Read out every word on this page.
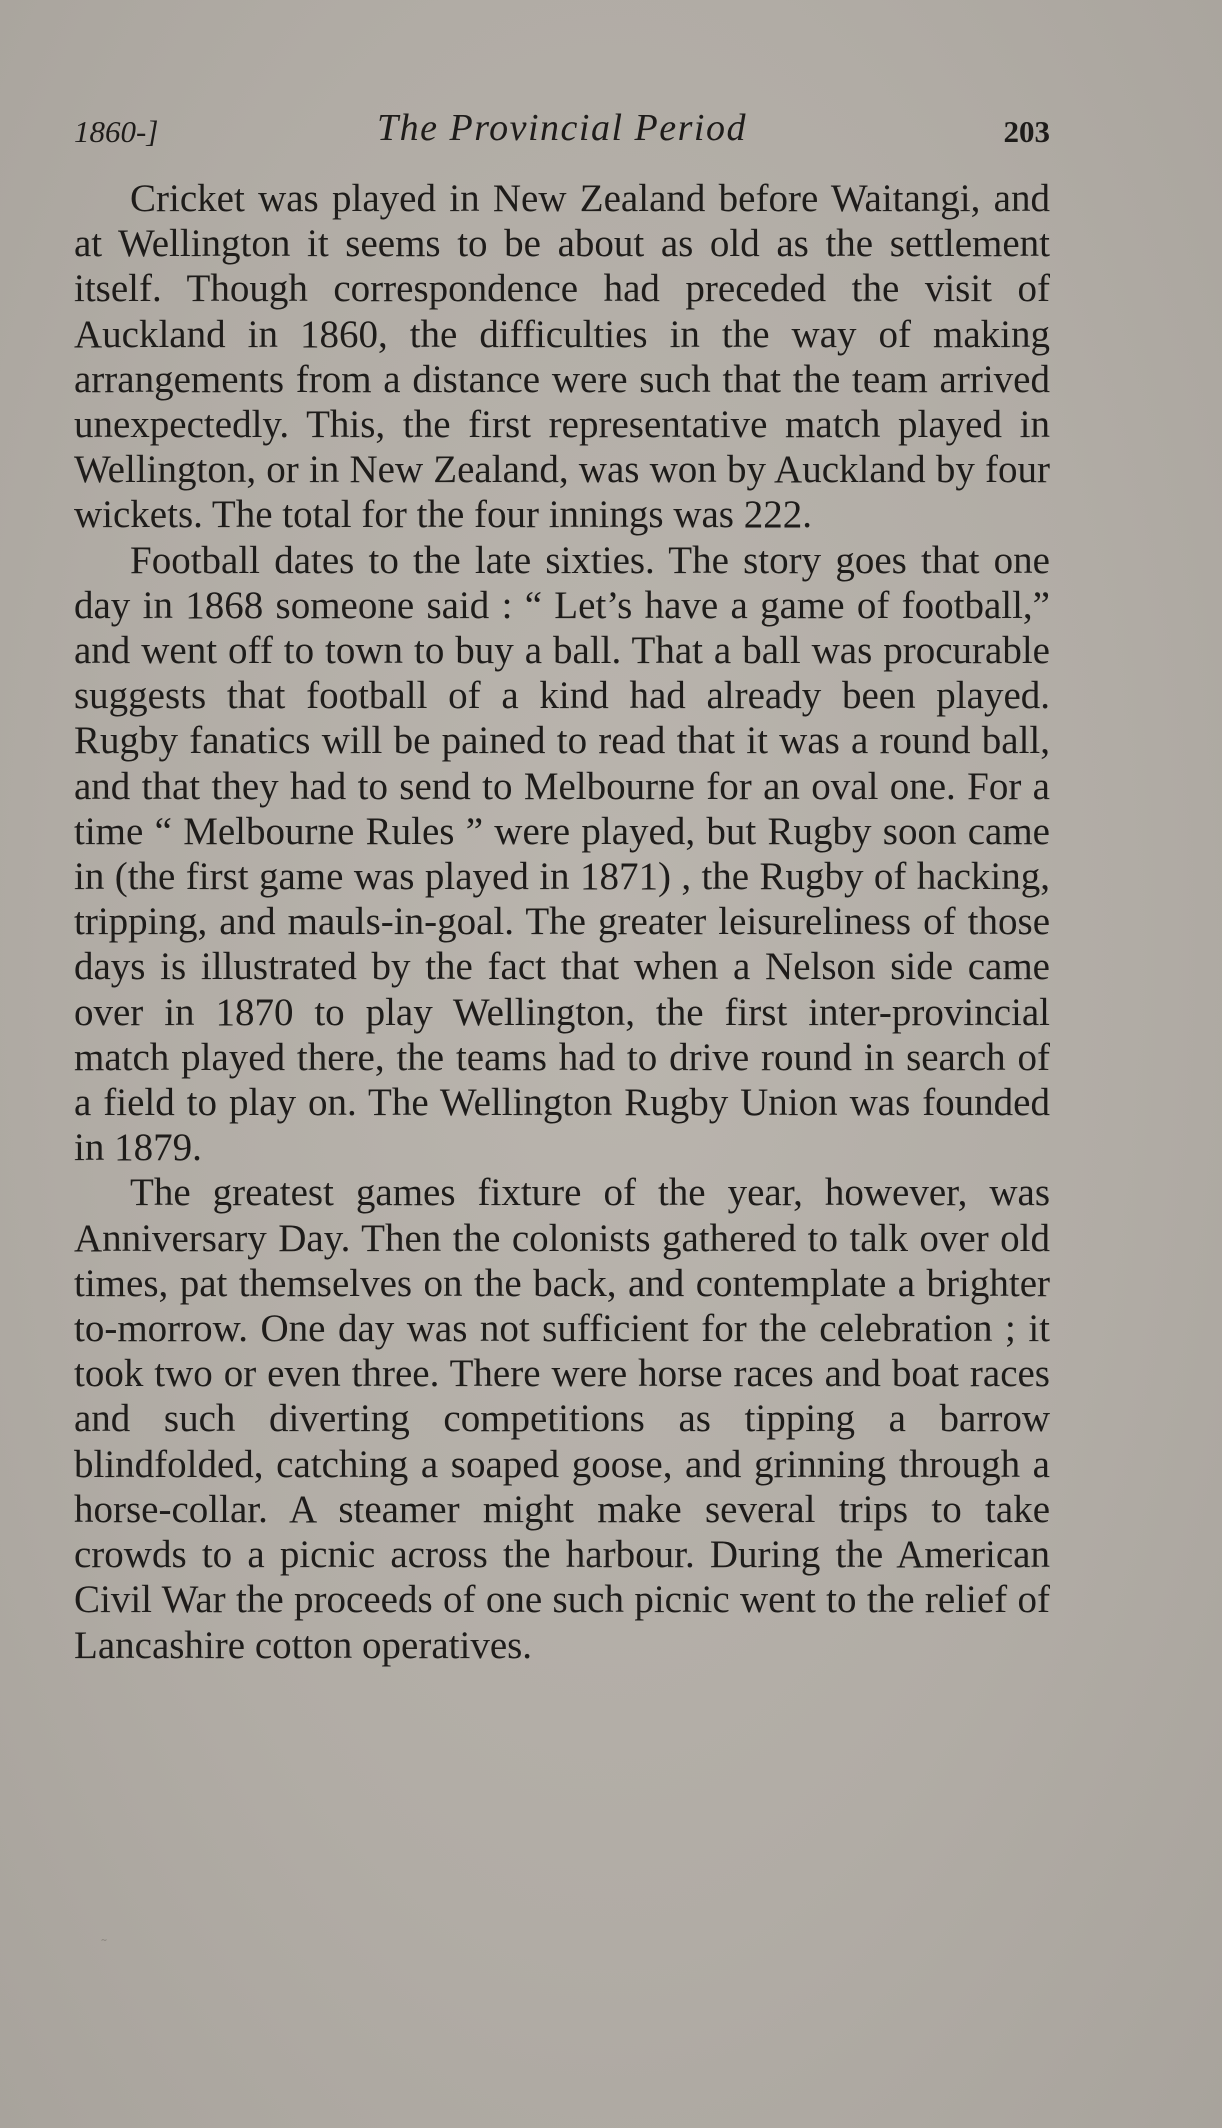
1860-]	The Provincial Period	203

Cricket was played in New Zealand before Waitangi, and at Wellington it seems to be about as old as the settlement itself. Though correspondence had preceded the visit of Auckland in 1860, the difficulties in the way of making arrangements from a distance were such that the team arrived unexpectedly. This, the first representative match played in Wellington, or in New Zealand, was won by Auckland by four wickets. The total for the four innings was 222.

Football dates to the late sixties. The story goes that one day in 1868 someone said : “ Let’s have a game of football,” and went off to town to buy a ball. That a ball was procurable suggests that football of a kind had already been played. Rugby fanatics will be pained to read that it was a round ball, and that they had to send to Melbourne for an oval one. For a time “ Melbourne Rules ” were played, but Rugby soon came in (the first game was played in 1871) , the Rugby of hacking, tripping, and mauls-in-goal. The greater leisureliness of those days is illustrated by the fact that when a Nelson side came over in 1870 to play Wellington, the first inter-provincial match played there, the teams had to drive round in search of a field to play on. The Wellington Rugby Union was founded in 1879.

The greatest games fixture of the year, however, was Anniversary Day. Then the colonists gathered to talk over old times, pat themselves on the back, and contemplate a brighter to-morrow. One day was not sufficient for the celebration ; it took two or even three. There were horse races and boat races and such diverting competitions as tipping a barrow blindfolded, catching a soaped goose, and grinning through a horse-collar. A steamer might make several trips to take crowds to a picnic across the harbour. During the American Civil War the proceeds of one such picnic went to the relief of Lancashire cotton operatives.

˜
